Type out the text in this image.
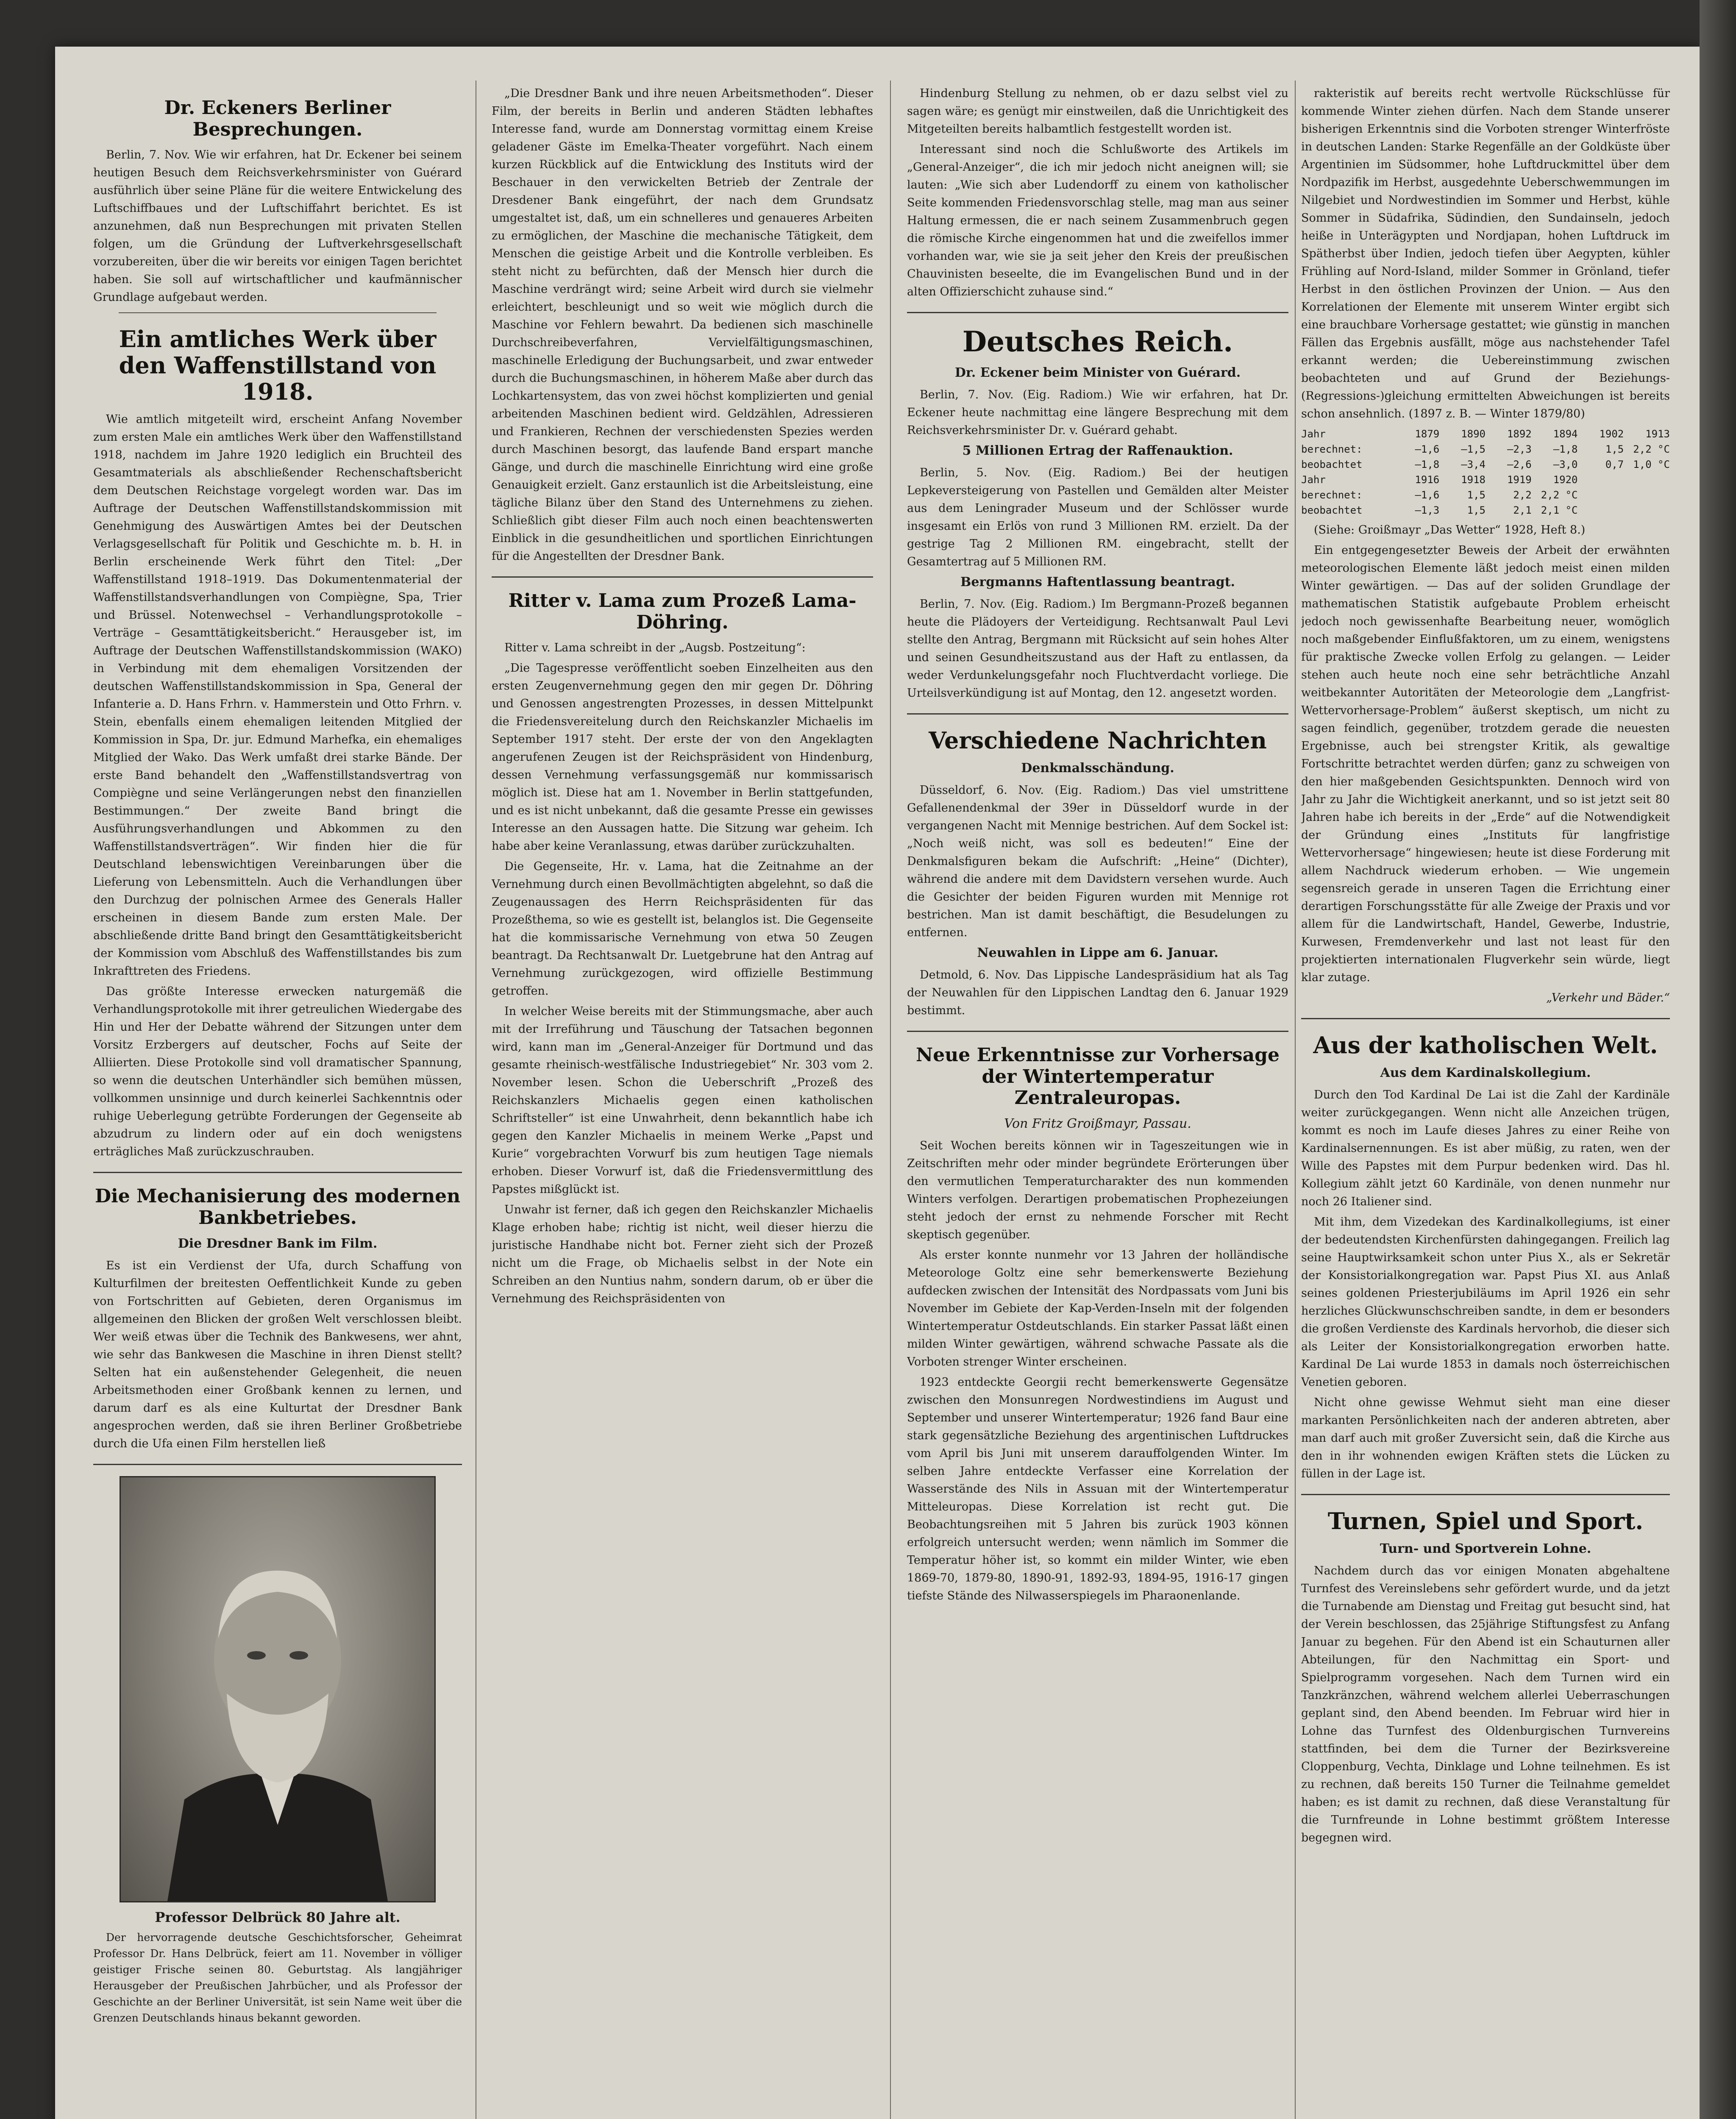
Dr. Eckeners Berliner Besprechungen.

Berlin, 7. Nov. Wie wir erfahren, hat Dr. Eckener bei seinem heutigen Besuch dem Reichsverkehrsminister von Guérard ausführlich über seine Pläne für die weitere Entwickelung des Luftschiffbaues und der Luftschiffahrt berichtet. Es ist anzunehmen, daß nun Besprechungen mit privaten Stellen folgen, um die Gründung der Luftverkehrsgesellschaft vorzubereiten, über die wir bereits vor einigen Tagen berichtet haben. Sie soll auf wirtschaftlicher und kaufmännischer Grundlage aufgebaut werden.

Ein amtliches Werk über den Waffenstillstand von 1918.

Wie amtlich mitgeteilt wird, erscheint Anfang November zum ersten Male ein amtliches Werk über den Waffenstillstand 1918, nachdem im Jahre 1920 lediglich ein Bruchteil des Gesamtmaterials als abschließender Rechenschaftsbericht dem Deutschen Reichstage vorgelegt worden war. Das im Auftrage der Deutschen Waffenstillstandskommission mit Genehmigung des Auswärtigen Amtes bei der Deutschen Verlagsgesellschaft für Politik und Geschichte m. b. H. in Berlin erscheinende Werk führt den Titel: „Der Waffenstillstand 1918–1919. Das Dokumentenmaterial der Waffenstillstandsverhandlungen von Compiègne, Spa, Trier und Brüssel. Notenwechsel – Verhandlungsprotokolle – Verträge – Gesamttätigkeitsbericht.“ Herausgeber ist, im Auftrage der Deutschen Waffenstillstandskommission (WAKO) in Verbindung mit dem ehemaligen Vorsitzenden der deutschen Waffenstillstandskommission in Spa, General der Infanterie a. D. Hans Frhrn. v. Hammerstein und Otto Frhrn. v. Stein, ebenfalls einem ehemaligen leitenden Mitglied der Kommission in Spa, Dr. jur. Edmund Marhefka, ein ehemaliges Mitglied der Wako. Das Werk umfaßt drei starke Bände. Der erste Band behandelt den „Waffenstillstandsvertrag von Compiègne und seine Verlängerungen nebst den finanziellen Bestimmungen.“ Der zweite Band bringt die Ausführungsverhandlungen und Abkommen zu den Waffenstillstandsverträgen“. Wir finden hier die für Deutschland lebenswichtigen Vereinbarungen über die Lieferung von Lebensmitteln. Auch die Verhandlungen über den Durchzug der polnischen Armee des Generals Haller erscheinen in diesem Bande zum ersten Male. Der abschließende dritte Band bringt den Gesamttätigkeitsbericht der Kommission vom Abschluß des Waffenstillstandes bis zum Inkrafttreten des Friedens.

Das größte Interesse erwecken naturgemäß die Verhandlungsprotokolle mit ihrer getreulichen Wiedergabe des Hin und Her der Debatte während der Sitzungen unter dem Vorsitz Erzbergers auf deutscher, Fochs auf Seite der Alliierten. Diese Protokolle sind voll dramatischer Spannung, so wenn die deutschen Unterhändler sich bemühen müssen, vollkommen unsinnige und durch keinerlei Sachkenntnis oder ruhige Ueberlegung getrübte Forderungen der Gegenseite ab abzudrum zu lindern oder auf ein doch wenigstens erträgliches Maß zurückzuschrauben.

Die Mechanisierung des modernen Bankbetriebes.
Die Dresdner Bank im Film.

Es ist ein Verdienst der Ufa, durch Schaffung von Kulturfilmen der breitesten Oeffentlichkeit Kunde zu geben von Fortschritten auf Gebieten, deren Organismus im allgemeinen den Blicken der großen Welt verschlossen bleibt. Wer weiß etwas über die Technik des Bankwesens, wer ahnt, wie sehr das Bankwesen die Maschine in ihren Dienst stellt? Selten hat ein außenstehender Gelegenheit, die neuen Arbeitsmethoden einer Großbank kennen zu lernen, und darum darf es als eine Kulturtat der Dresdner Bank angesprochen werden, daß sie ihren Berliner Großbetriebe durch die Ufa einen Film herstellen ließ

Professor Delbrück 80 Jahre alt.

Der hervorragende deutsche Geschichtsforscher, Geheimrat Professor Dr. Hans Delbrück, feiert am 11. November in völliger geistiger Frische seinen 80. Geburtstag. Als langjähriger Herausgeber der Preußischen Jahrbücher, und als Professor der Geschichte an der Berliner Universität, ist sein Name weit über die Grenzen Deutschlands hinaus bekannt geworden.

„Die Dresdner Bank und ihre neuen Arbeitsmethoden“. Dieser Film, der bereits in Berlin und anderen Städten lebhaftes Interesse fand, wurde am Donnerstag vormittag einem Kreise geladener Gäste im Emelka-Theater vorgeführt. Nach einem kurzen Rückblick auf die Entwicklung des Instituts wird der Beschauer in den verwickelten Betrieb der Zentrale der Dresdener Bank eingeführt, der nach dem Grundsatz umgestaltet ist, daß, um ein schnelleres und genaueres Arbeiten zu ermöglichen, der Maschine die mechanische Tätigkeit, dem Menschen die geistige Arbeit und die Kontrolle verbleiben. Es steht nicht zu befürchten, daß der Mensch hier durch die Maschine verdrängt wird; seine Arbeit wird durch sie vielmehr erleichtert, beschleunigt und so weit wie möglich durch die Maschine vor Fehlern bewahrt. Da bedienen sich maschinelle Durchschreibeverfahren, Vervielfältigungsmaschinen, maschinelle Erledigung der Buchungsarbeit, und zwar entweder durch die Buchungsmaschinen, in höherem Maße aber durch das Lochkartensystem, das von zwei höchst komplizierten und genial arbeitenden Maschinen bedient wird. Geldzählen, Adressieren und Frankieren, Rechnen der verschiedensten Spezies werden durch Maschinen besorgt, das laufende Band erspart manche Gänge, und durch die maschinelle Einrichtung wird eine große Genauigkeit erzielt. Ganz erstaunlich ist die Arbeitsleistung, eine tägliche Bilanz über den Stand des Unternehmens zu ziehen. Schließlich gibt dieser Film auch noch einen beachtenswerten Einblick in die gesundheitlichen und sportlichen Einrichtungen für die Angestellten der Dresdner Bank.

Ritter v. Lama zum Prozeß Lama-Döhring.

Ritter v. Lama schreibt in der „Augsb. Postzeitung“:

„Die Tagespresse veröffentlicht soeben Einzelheiten aus den ersten Zeugenvernehmung gegen den mir gegen Dr. Döhring und Genossen angestrengten Prozesses, in dessen Mittelpunkt die Friedensvereitelung durch den Reichskanzler Michaelis im September 1917 steht. Der erste der von den Angeklagten angerufenen Zeugen ist der Reichspräsident von Hindenburg, dessen Vernehmung verfassungsgemäß nur kommissarisch möglich ist. Diese hat am 1. November in Berlin stattgefunden, und es ist nicht unbekannt, daß die gesamte Presse ein gewisses Interesse an den Aussagen hatte. Die Sitzung war geheim. Ich habe aber keine Veranlassung, etwas darüber zurückzuhalten.

Die Gegenseite, Hr. v. Lama, hat die Zeitnahme an der Vernehmung durch einen Bevollmächtigten abgelehnt, so daß die Zeugenaussagen des Herrn Reichspräsidenten für das Prozeßthema, so wie es gestellt ist, belanglos ist. Die Gegenseite hat die kommissarische Vernehmung von etwa 50 Zeugen beantragt. Da Rechtsanwalt Dr. Luetgebrune hat den Antrag auf Vernehmung zurückgezogen, wird offizielle Bestimmung getroffen.

In welcher Weise bereits mit der Stimmungsmache, aber auch mit der Irreführung und Täuschung der Tatsachen begonnen wird, kann man im „General-Anzeiger für Dortmund und das gesamte rheinisch-westfälische Industriegebiet“ Nr. 303 vom 2. November lesen. Schon die Ueberschrift „Prozeß des Reichskanzlers Michaelis gegen einen katholischen Schriftsteller“ ist eine Unwahrheit, denn bekanntlich habe ich gegen den Kanzler Michaelis in meinem Werke „Papst und Kurie“ vorgebrachten Vorwurf bis zum heutigen Tage niemals erhoben. Dieser Vorwurf ist, daß die Friedensvermittlung des Papstes mißglückt ist.

Unwahr ist ferner, daß ich gegen den Reichskanzler Michaelis Klage erhoben habe; richtig ist nicht, weil dieser hierzu die juristische Handhabe nicht bot. Ferner zieht sich der Prozeß nicht um die Frage, ob Michaelis selbst in der Note ein Schreiben an den Nuntius nahm, sondern darum, ob er über die Vernehmung des Reichspräsidenten von

Hindenburg Stellung zu nehmen, ob er dazu selbst viel zu sagen wäre; es genügt mir einstweilen, daß die Unrichtigkeit des Mitgeteilten bereits halbamtlich festgestellt worden ist.

Interessant sind noch die Schlußworte des Artikels im „General-Anzeiger“, die ich mir jedoch nicht aneignen will; sie lauten: „Wie sich aber Ludendorff zu einem von katholischer Seite kommenden Friedensvorschlag stelle, mag man aus seiner Haltung ermessen, die er nach seinem Zusammenbruch gegen die römische Kirche eingenommen hat und die zweifellos immer vorhanden war, wie sie ja seit jeher den Kreis der preußischen Chauvinisten beseelte, die im Evangelischen Bund und in der alten Offizierschicht zuhause sind.“

Deutsches Reich.
Dr. Eckener beim Minister von Guérard.

Berlin, 7. Nov. (Eig. Radiom.) Wie wir erfahren, hat Dr. Eckener heute nachmittag eine längere Besprechung mit dem Reichsverkehrsminister Dr. v. Guérard gehabt.

5 Millionen Ertrag der Raffenauktion.

Berlin, 5. Nov. (Eig. Radiom.) Bei der heutigen Lepkeversteigerung von Pastellen und Gemälden alter Meister aus dem Leningrader Museum und der Schlösser wurde insgesamt ein Erlös von rund 3 Millionen RM. erzielt. Da der gestrige Tag 2 Millionen RM. eingebracht, stellt der Gesamtertrag auf 5 Millionen RM.

Bergmanns Haftentlassung beantragt.

Berlin, 7. Nov. (Eig. Radiom.) Im Bergmann-Prozeß begannen heute die Plädoyers der Verteidigung. Rechtsanwalt Paul Levi stellte den Antrag, Bergmann mit Rücksicht auf sein hohes Alter und seinen Gesundheitszustand aus der Haft zu entlassen, da weder Verdunkelungsgefahr noch Fluchtverdacht vorliege. Die Urteilsverkündigung ist auf Montag, den 12. angesetzt worden.

Verschiedene Nachrichten
Denkmalsschändung.

Düsseldorf, 6. Nov. (Eig. Radiom.) Das viel umstrittene Gefallenendenkmal der 39er in Düsseldorf wurde in der vergangenen Nacht mit Mennige bestrichen. Auf dem Sockel ist: „Noch weiß nicht, was soll es bedeuten!“ Eine der Denkmalsfiguren bekam die Aufschrift: „Heine“ (Dichter), während die andere mit dem Davidstern versehen wurde. Auch die Gesichter der beiden Figuren wurden mit Mennige rot bestrichen. Man ist damit beschäftigt, die Besudelungen zu entfernen.

Neuwahlen in Lippe am 6. Januar.

Detmold, 6. Nov. Das Lippische Landespräsidium hat als Tag der Neuwahlen für den Lippischen Landtag den 6. Januar 1929 bestimmt.

Neue Erkenntnisse zur Vorhersage der Wintertemperatur Zentraleuropas.
Von Fritz Groißmayr, Passau.

Seit Wochen bereits können wir in Tageszeitungen wie in Zeitschriften mehr oder minder begründete Erörterungen über den vermutlichen Temperaturcharakter des nun kommenden Winters verfolgen. Derartigen probematischen Prophezeiungen steht jedoch der ernst zu nehmende Forscher mit Recht skeptisch gegenüber.

Als erster konnte nunmehr vor 13 Jahren der holländische Meteorologe Goltz eine sehr bemerkenswerte Beziehung aufdecken zwischen der Intensität des Nordpassats vom Juni bis November im Gebiete der Kap-Verden-Inseln mit der folgenden Wintertemperatur Ostdeutschlands. Ein starker Passat läßt einen milden Winter gewärtigen, während schwache Passate als die Vorboten strenger Winter erscheinen.

1923 entdeckte Georgii recht bemerkenswerte Gegensätze zwischen den Monsunregen Nordwestindiens im August und September und unserer Wintertemperatur; 1926 fand Baur eine stark gegensätzliche Beziehung des argentinischen Luftdruckes vom April bis Juni mit unserem darauffolgenden Winter. Im selben Jahre entdeckte Verfasser eine Korrelation der Wasserstände des Nils in Assuan mit der Wintertemperatur Mitteleuropas. Diese Korrelation ist recht gut. Die Beobachtungsreihen mit 5 Jahren bis zurück 1903 können erfolgreich untersucht werden; wenn nämlich im Sommer die Temperatur höher ist, so kommt ein milder Winter, wie eben 1869-70, 1879-80, 1890-91, 1892-93, 1894-95, 1916-17 gingen tiefste Stände des Nilwasserspiegels im Pharaonenlande.

rakteristik auf bereits recht wertvolle Rückschlüsse für kommende Winter ziehen dürfen. Nach dem Stande unserer bisherigen Erkenntnis sind die Vorboten strenger Winterfröste in deutschen Landen: Starke Regenfälle an der Goldküste über Argentinien im Südsommer, hohe Luftdruckmittel über dem Nordpazifik im Herbst, ausgedehnte Ueberschwemmungen im Nilgebiet und Nordwestindien im Sommer und Herbst, kühle Sommer in Südafrika, Südindien, den Sundainseln, jedoch heiße in Unterägypten und Nordjapan, hohen Luftdruck im Spätherbst über Indien, jedoch tiefen über Aegypten, kühler Frühling auf Nord-Island, milder Sommer in Grönland, tiefer Herbst in den östlichen Provinzen der Union. — Aus den Korrelationen der Elemente mit unserem Winter ergibt sich eine brauchbare Vorhersage gestattet; wie günstig in manchen Fällen das Ergebnis ausfällt, möge aus nachstehender Tafel erkannt werden; die Uebereinstimmung zwischen beobachteten und auf Grund der Beziehungs-(Regressions-)gleichung ermittelten Abweichungen ist bereits schon ansehnlich. (1897 z. B. — Winter 1879/80)

Jahr	1879	1890	1892	1894	1902	1913
berechnet:	—1,6	—1,5	—2,3	—1,8	1,5 2,2 °C
beobachtet	—1,8	—3,4	—2,6	—3,0	0,7 1,0 °C
Jahr	1916	1918	1919	1920
berechnet:	—1,6	1,5	2,2 2,2 °C
beobachtet	—1,3	1,5	2,1 2,1 °C

(Siehe: Groißmayr „Das Wetter“ 1928, Heft 8.)

Ein entgegengesetzter Beweis der Arbeit der erwähnten meteorologischen Elemente läßt jedoch meist einen milden Winter gewärtigen. — Das auf der soliden Grundlage der mathematischen Statistik aufgebaute Problem erheischt jedoch noch gewissenhafte Bearbeitung neuer, womöglich noch maßgebender Einflußfaktoren, um zu einem, wenigstens für praktische Zwecke vollen Erfolg zu gelangen. — Leider stehen auch heute noch eine sehr beträchtliche Anzahl weitbekannter Autoritäten der Meteorologie dem „Langfrist-Wettervorhersage-Problem“ äußerst skeptisch, um nicht zu sagen feindlich, gegenüber, trotzdem gerade die neuesten Ergebnisse, auch bei strengster Kritik, als gewaltige Fortschritte betrachtet werden dürfen; ganz zu schweigen von den hier maßgebenden Gesichtspunkten. Dennoch wird von Jahr zu Jahr die Wichtigkeit anerkannt, und so ist jetzt seit 80 Jahren habe ich bereits in der „Erde“ auf die Notwendigkeit der Gründung eines „Instituts für langfristige Wettervorhersage“ hingewiesen; heute ist diese Forderung mit allem Nachdruck wiederum erhoben. — Wie ungemein segensreich gerade in unseren Tagen die Errichtung einer derartigen Forschungsstätte für alle Zweige der Praxis und vor allem für die Landwirtschaft, Handel, Gewerbe, Industrie, Kurwesen, Fremdenverkehr und last not least für den projektierten internationalen Flugverkehr sein würde, liegt klar zutage.

„Verkehr und Bäder.“
Aus der katholischen Welt.
Aus dem Kardinalskollegium.

Durch den Tod Kardinal De Lai ist die Zahl der Kardinäle weiter zurückgegangen. Wenn nicht alle Anzeichen trügen, kommt es noch im Laufe dieses Jahres zu einer Reihe von Kardinalsernennungen. Es ist aber müßig, zu raten, wen der Wille des Papstes mit dem Purpur bedenken wird. Das hl. Kollegium zählt jetzt 60 Kardinäle, von denen nunmehr nur noch 26 Italiener sind.

Mit ihm, dem Vizedekan des Kardinalkollegiums, ist einer der bedeutendsten Kirchenfürsten dahingegangen. Freilich lag seine Hauptwirksamkeit schon unter Pius X., als er Sekretär der Konsistorialkongregation war. Papst Pius XI. aus Anlaß seines goldenen Priesterjubiläums im April 1926 ein sehr herzliches Glückwunschschreiben sandte, in dem er besonders die großen Verdienste des Kardinals hervorhob, die dieser sich als Leiter der Konsistorialkongregation erworben hatte. Kardinal De Lai wurde 1853 in damals noch österreichischen Venetien geboren.

Nicht ohne gewisse Wehmut sieht man eine dieser markanten Persönlichkeiten nach der anderen abtreten, aber man darf auch mit großer Zuversicht sein, daß die Kirche aus den in ihr wohnenden ewigen Kräften stets die Lücken zu füllen in der Lage ist.

Turnen, Spiel und Sport.
Turn- und Sportverein Lohne.

Nachdem durch das vor einigen Monaten abgehaltene Turnfest des Vereinslebens sehr gefördert wurde, und da jetzt die Turnabende am Dienstag und Freitag gut besucht sind, hat der Verein beschlossen, das 25jährige Stiftungsfest zu Anfang Januar zu begehen. Für den Abend ist ein Schauturnen aller Abteilungen, für den Nachmittag ein Sport- und Spielprogramm vorgesehen. Nach dem Turnen wird ein Tanzkränzchen, während welchem allerlei Ueberraschungen geplant sind, den Abend beenden. Im Februar wird hier in Lohne das Turnfest des Oldenburgischen Turnvereins stattfinden, bei dem die Turner der Bezirksvereine Cloppenburg, Vechta, Dinklage und Lohne teilnehmen. Es ist zu rechnen, daß bereits 150 Turner die Teilnahme gemeldet haben; es ist damit zu rechnen, daß diese Veranstaltung für die Turnfreunde in Lohne bestimmt größtem Interesse begegnen wird.
